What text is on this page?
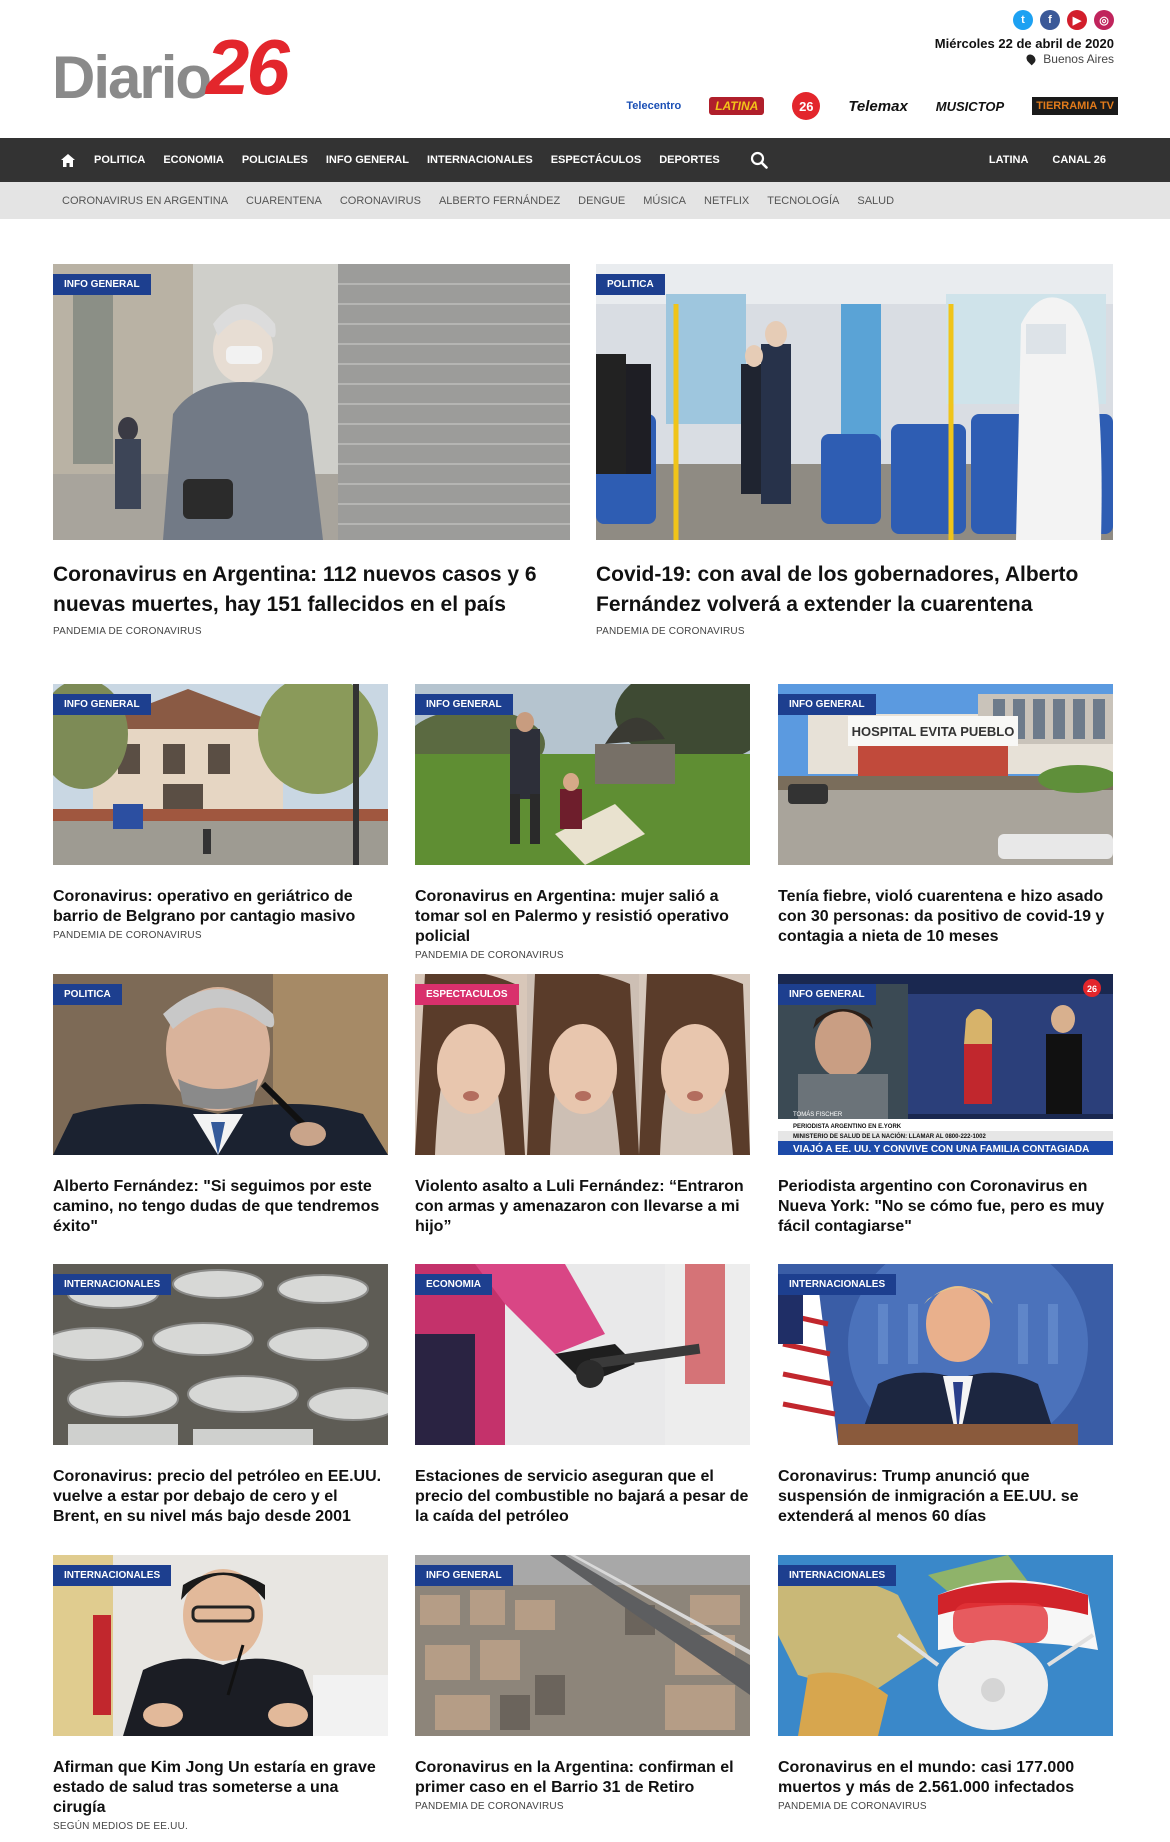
Diario
26
t	f	▶	◎
Miércoles 22 de abril de 2020
Buenos Aires
Telecentro	LATINA	26	Telemax MUSICTOP	TIERRAMIA TV
POLITICA ECONOMIA POLICIALES INFO GENERAL INTERNACIONALES ESPECTÁCULOS DEPORTES	LATINA CANAL 26
CORONAVIRUS EN ARGENTINA CUARENTENA CORONAVIRUS ALBERTO FERNÁNDEZ DENGUE MÚSICA NETFLIX TECNOLOGÍA SALUD
INFO GENERAL
Coronavirus en Argentina: 112 nuevos casos y 6 nuevas muertes, hay 151 fallecidos en el país
PANDEMIA DE CORONAVIRUS
POLITICA
Covid-19: con aval de los gobernadores, Alberto Fernández volverá a extender la cuarentena
PANDEMIA DE CORONAVIRUS
INFO GENERAL
Coronavirus: operativo en geriátrico de barrio de Belgrano por cantagio masivo
PANDEMIA DE CORONAVIRUS
INFO GENERAL
Coronavirus en Argentina: mujer salió a tomar sol en Palermo y resistió operativo policial
PANDEMIA DE CORONAVIRUS
HOSPITAL EVITA PUEBLO
INFO GENERAL
Tenía fiebre, violó cuarentena e hizo asado con 30 personas: da positivo de covid-19 y contagia a nieta de 10 meses
POLITICA
Alberto Fernández: "Si seguimos por este camino, no tengo dudas de que tendremos éxito"
ESPECTACULOS
Violento asalto a Luli Fernández: “Entraron con armas y amenazaron con llevarse a mi hijo”
TOMÁS FISCHER
PERIODISTA ARGENTINO EN E.YORK
MINISTERIO DE SALUD DE LA NACIÓN: LLAMAR AL 0800-222-1002
VIAJÓ A EE. UU. Y CONVIVE CON UNA FAMILIA CONTAGIADA
26
INFO GENERAL
Periodista argentino con Coronavirus en Nueva York: "No se cómo fue, pero es muy fácil contagiarse"
INTERNACIONALES
Coronavirus: precio del petróleo en EE.UU. vuelve a estar por debajo de cero y el Brent, en su nivel más bajo desde 2001
ECONOMIA
Estaciones de servicio aseguran que el precio del combustible no bajará a pesar de la caída del petróleo
INTERNACIONALES
Coronavirus: Trump anunció que suspensión de inmigración a EE.UU. se extenderá al menos 60 días
INTERNACIONALES
Afirman que Kim Jong Un estaría en grave estado de salud tras someterse a una cirugía
SEGÚN MEDIOS DE EE.UU.
INFO GENERAL
Coronavirus en la Argentina: confirman el primer caso en el Barrio 31 de Retiro
PANDEMIA DE CORONAVIRUS
INTERNACIONALES
Coronavirus en el mundo: casi 177.000 muertos y más de 2.561.000 infectados
PANDEMIA DE CORONAVIRUS
